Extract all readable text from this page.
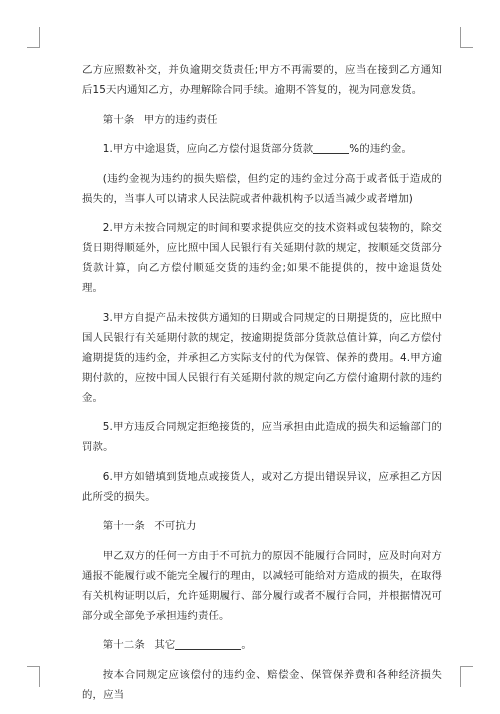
乙方应照数补交，并负逾期交货责任;甲方不再需要的，应当在接到乙方通知后15天内通知乙方，办理解除合同手续。逾期不答复的，视为同意发货。

第十条 甲方的违约责任

1.甲方中途退货，应向乙方偿付退货部分货款	%的违约金。

(违约金视为违约的损失赔偿，但约定的违约金过分高于或者低于造成的损失的，当事人可以请求人民法院或者仲裁机构予以适当减少或者增加)

2.甲方未按合同规定的时间和要求提供应交的技术资料或包装物的，除交货日期得顺延外，应比照中国人民银行有关延期付款的规定，按顺延交货部分货款计算，向乙方偿付顺延交货的违约金;如果不能提供的，按中途退货处理。

3.甲方自提产品未按供方通知的日期或合同规定的日期提货的，应比照中国人民银行有关延期付款的规定，按逾期提货部分货款总值计算，向乙方偿付逾期提货的违约金，并承担乙方实际支付的代为保管、保养的费用。4.甲方逾期付款的，应按中国人民银行有关延期付款的规定向乙方偿付逾期付款的违约金。

5.甲方违反合同规定拒绝接货的，应当承担由此造成的损失和运输部门的罚款。

6.甲方如错填到货地点或接货人，或对乙方提出错误异议，应承担乙方因此所受的损失。

第十一条 不可抗力

甲乙双方的任何一方由于不可抗力的原因不能履行合同时，应及时向对方通报不能履行或不能完全履行的理由，以减轻可能给对方造成的损失，在取得有关机构证明以后，允许延期履行、部分履行或者不履行合同，并根据情况可部分或全部免予承担违约责任。

第十二条 其它	。

按本合同规定应该偿付的违约金、赔偿金、保管保养费和各种经济损失的，应当
